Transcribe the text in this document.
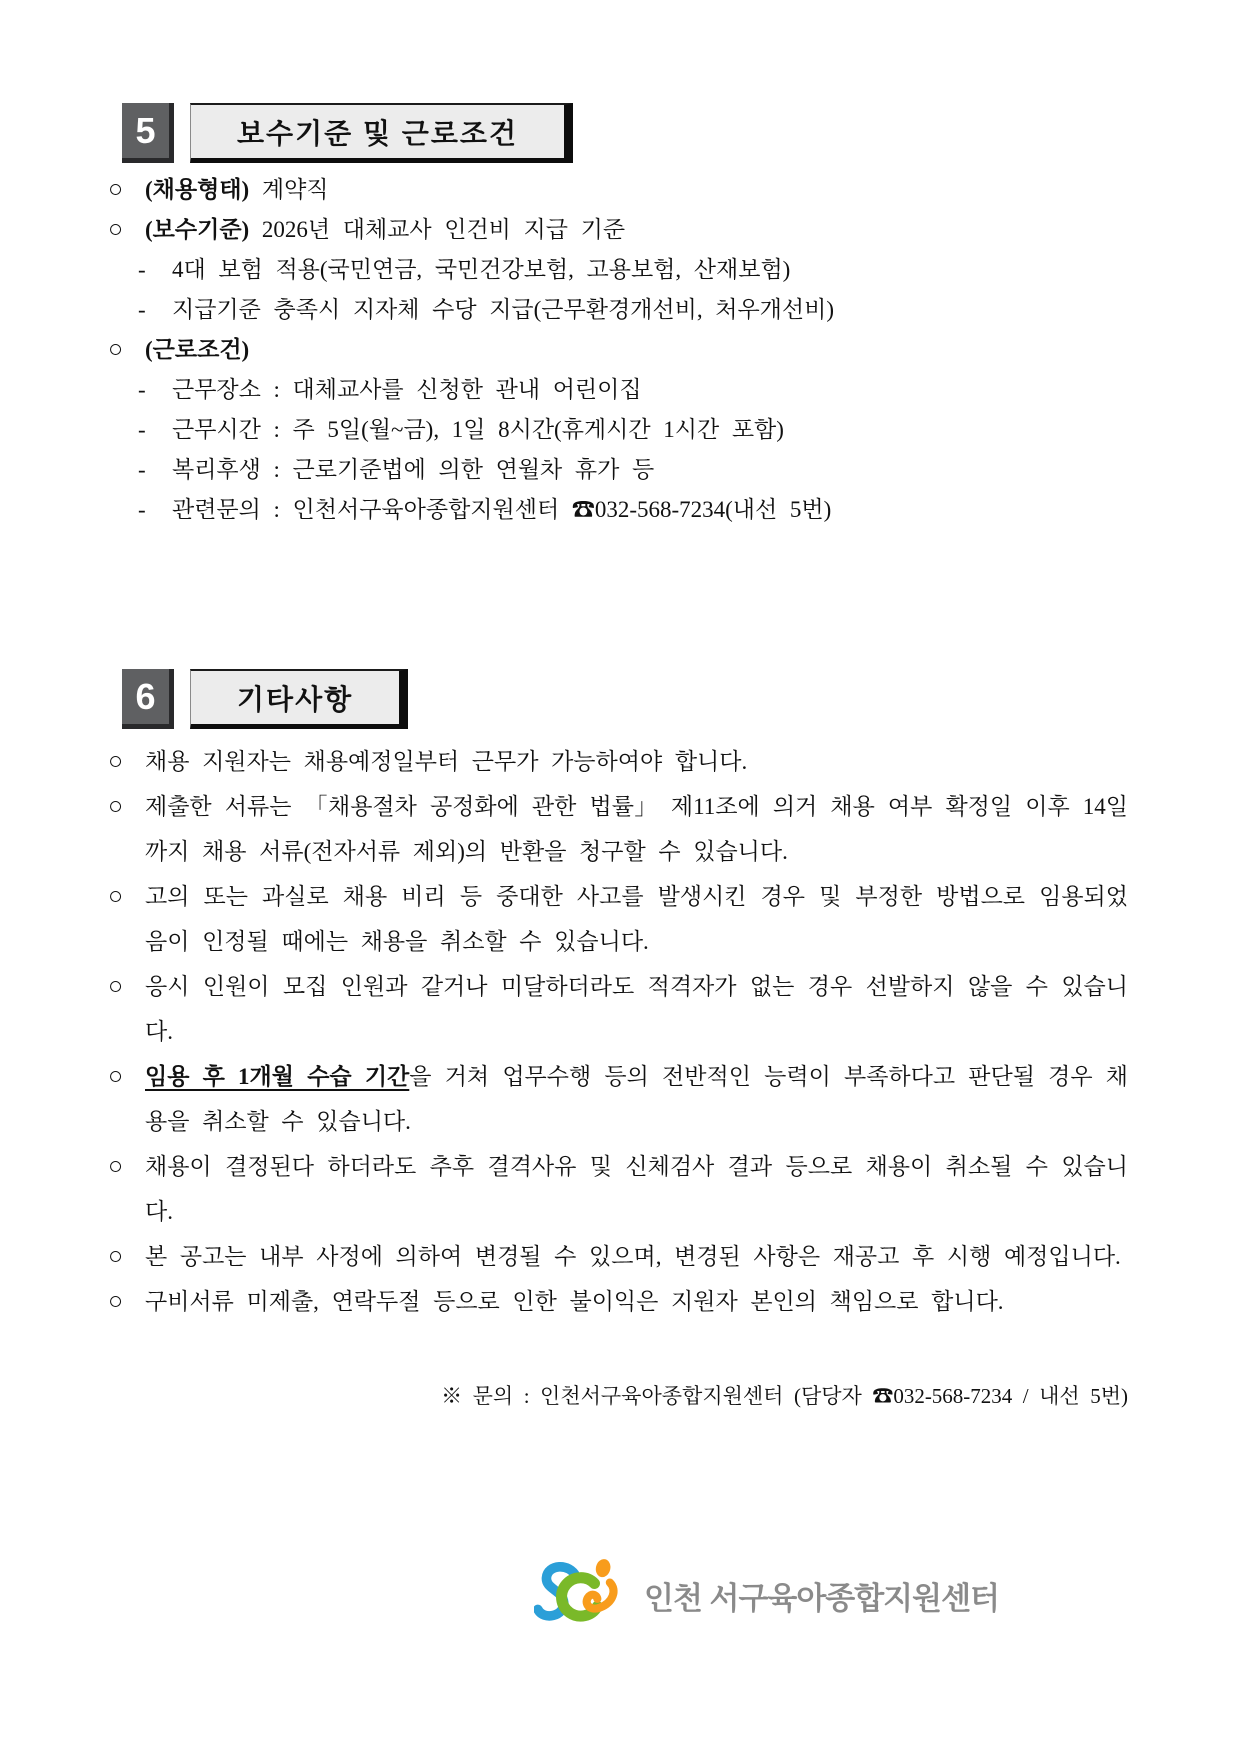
5	보수기준 및 근로조건
○ (채용형태) 계약직
○ (보수기준) 2026년 대체교사 인건비 지급 기준
- 4대 보험 적용(국민연금, 국민건강보험, 고용보험, 산재보험)
- 지급기준 충족시 지자체 수당 지급(근무환경개선비, 처우개선비)
○ (근로조건)
- 근무장소 : 대체교사를 신청한 관내 어린이집
- 근무시간 : 주 5일(월~금), 1일 8시간(휴게시간 1시간 포함)
- 복리후생 : 근로기준법에 의한 연월차 휴가 등
- 관련문의 : 인천서구육아종합지원센터 ☎032-568-7234(내선 5번)
6	기타사항
○ 채용 지원자는 채용예정일부터 근무가 가능하여야 합니다.
○ 제출한 서류는 「채용절차 공정화에 관한 법률」 제11조에 의거 채용 여부 확정일 이후 14일까지 채용 서류(전자서류 제외)의 반환을 청구할 수 있습니다.
○ 고의 또는 과실로 채용 비리 등 중대한 사고를 발생시킨 경우 및 부정한 방법으로 임용되었음이 인정될 때에는 채용을 취소할 수 있습니다.
○ 응시 인원이 모집 인원과 같거나 미달하더라도 적격자가 없는 경우 선발하지 않을 수 있습니다.
○ 임용 후 1개월 수습 기간을 거쳐 업무수행 등의 전반적인 능력이 부족하다고 판단될 경우 채용을 취소할 수 있습니다.
○ 채용이 결정된다 하더라도 추후 결격사유 및 신체검사 결과 등으로 채용이 취소될 수 있습니다.
○ 본 공고는 내부 사정에 의하여 변경될 수 있으며, 변경된 사항은 재공고 후 시행 예정입니다.
○ 구비서류 미제출, 연락두절 등으로 인한 불이익은 지원자 본인의 책임으로 합니다.
※ 문의 : 인천서구육아종합지원센터 (담당자 ☎032-568-7234 / 내선 5번)
인천 서구육아종합지원센터
